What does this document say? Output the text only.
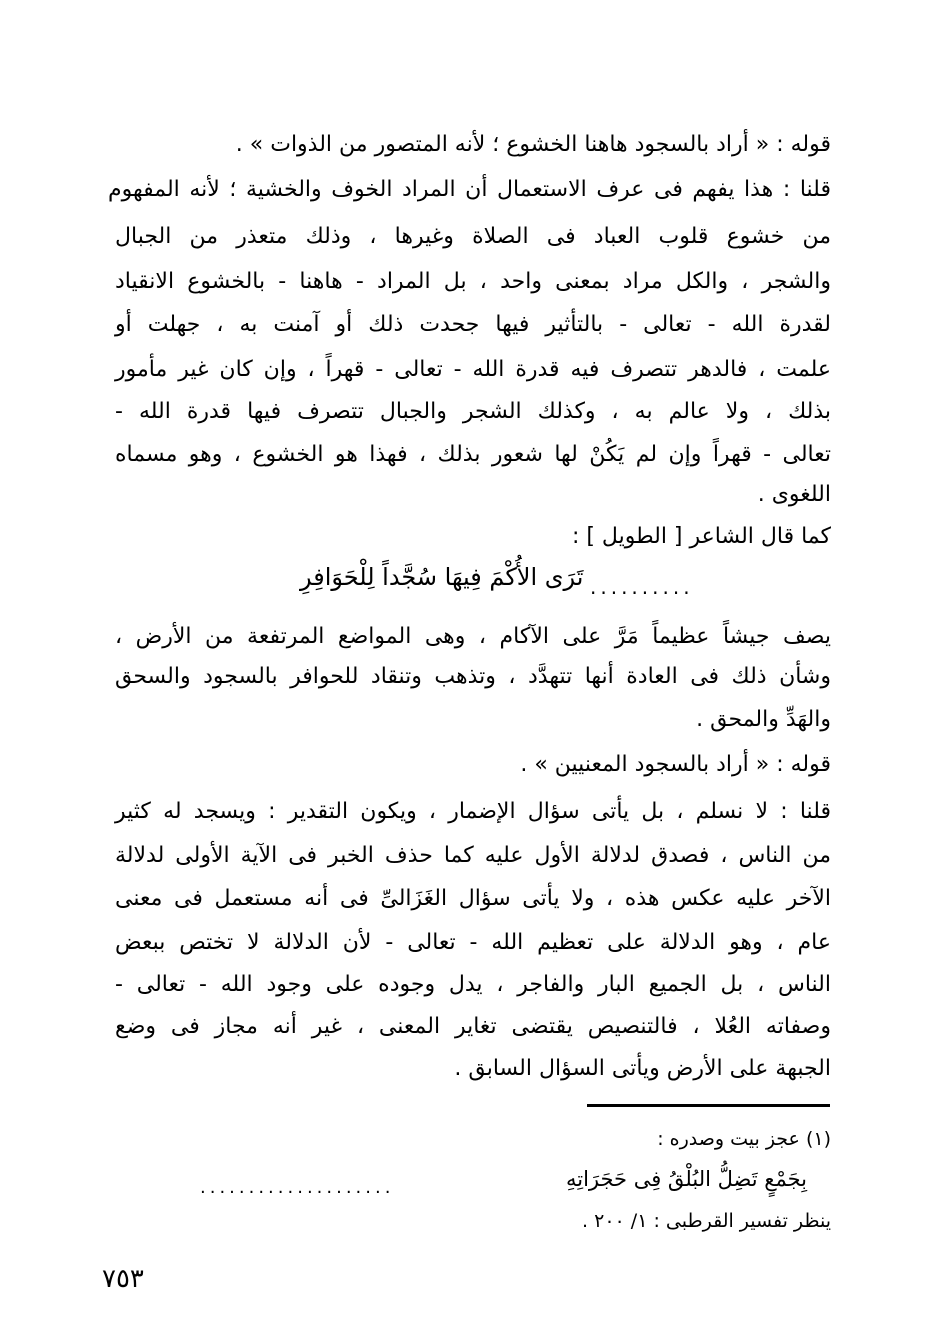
قوله : « أراد بالسجود هاهنا الخشوع ؛ لأنه المتصور من الذوات » .
قلنا : هذا يفهم فى عرف الاستعمال أن المراد الخوف والخشية ؛ لأنه المفهوم
من خشوع قلوب العباد فى الصلاة وغيرها ، وذلك متعذر من الجبال
والشجر ، والكل مراد بمعنى واحد ، بل المراد - هاهنا - بالخشوع الانقياد
لقدرة الله - تعالى - بالتأثير فيها جحدت ذلك أو آمنت به ، جهلت أو
علمت ، فالدهر تتصرف فيه قدرة الله - تعالى - قهراً ، وإن كان غير مأمور
بذلك ، ولا عالم به ، وكذلك الشجر والجبال تتصرف فيها قدرة الله -
تعالى - قهراً وإن لم يَكُنْ لها شعور بذلك ، فهذا هو الخشوع ، وهو مسماه
اللغوى .
كما قال الشاعر [ الطويل ] :
..........
تَرَى الأُكْمَ فِيهَا سُجَّداً لِلْحَوَافِرِ
يصف جيشاً عظيماً مَرَّ على الآكام ، وهى المواضع المرتفعة من الأرض ،
وشأن ذلك فى العادة أنها تتهدَّد ، وتذهب وتنقاد للحوافر بالسجود والسحق
والهَدِّ والمحق .
قوله : « أراد بالسجود المعنيين » .
قلنا : لا نسلم ، بل يأتى سؤال الإضمار ، ويكون التقدير : ويسجد له كثير
من الناس ، فصدق لدلالة الأول عليه كما حذف الخبر فى الآية الأولى لدلالة
الآخر عليه عكس هذه ، ولا يأتى سؤال الغَزَالىِّ فى أنه مستعمل فى معنى
عام ، وهو الدلالة على تعظيم الله - تعالى - لأن الدلالة لا تختص ببعض
الناس ، بل الجميع البار والفاجر ، يدل وجوده على وجود الله - تعالى -
وصفاته العُلا ، فالتنصيص يقتضى تغاير المعنى ، غير أنه مجاز فى وضع
الجبهة على الأرض ويأتى السؤال السابق .
(١) عجز بيت وصدره :
بِجَمْعٍ تَضِلُّ البُلْقُ فِى حَجَرَاتِهِ
....................
ينظر تفسير القرطبى : ١/ ٢٠٠ .
٧٥٣
